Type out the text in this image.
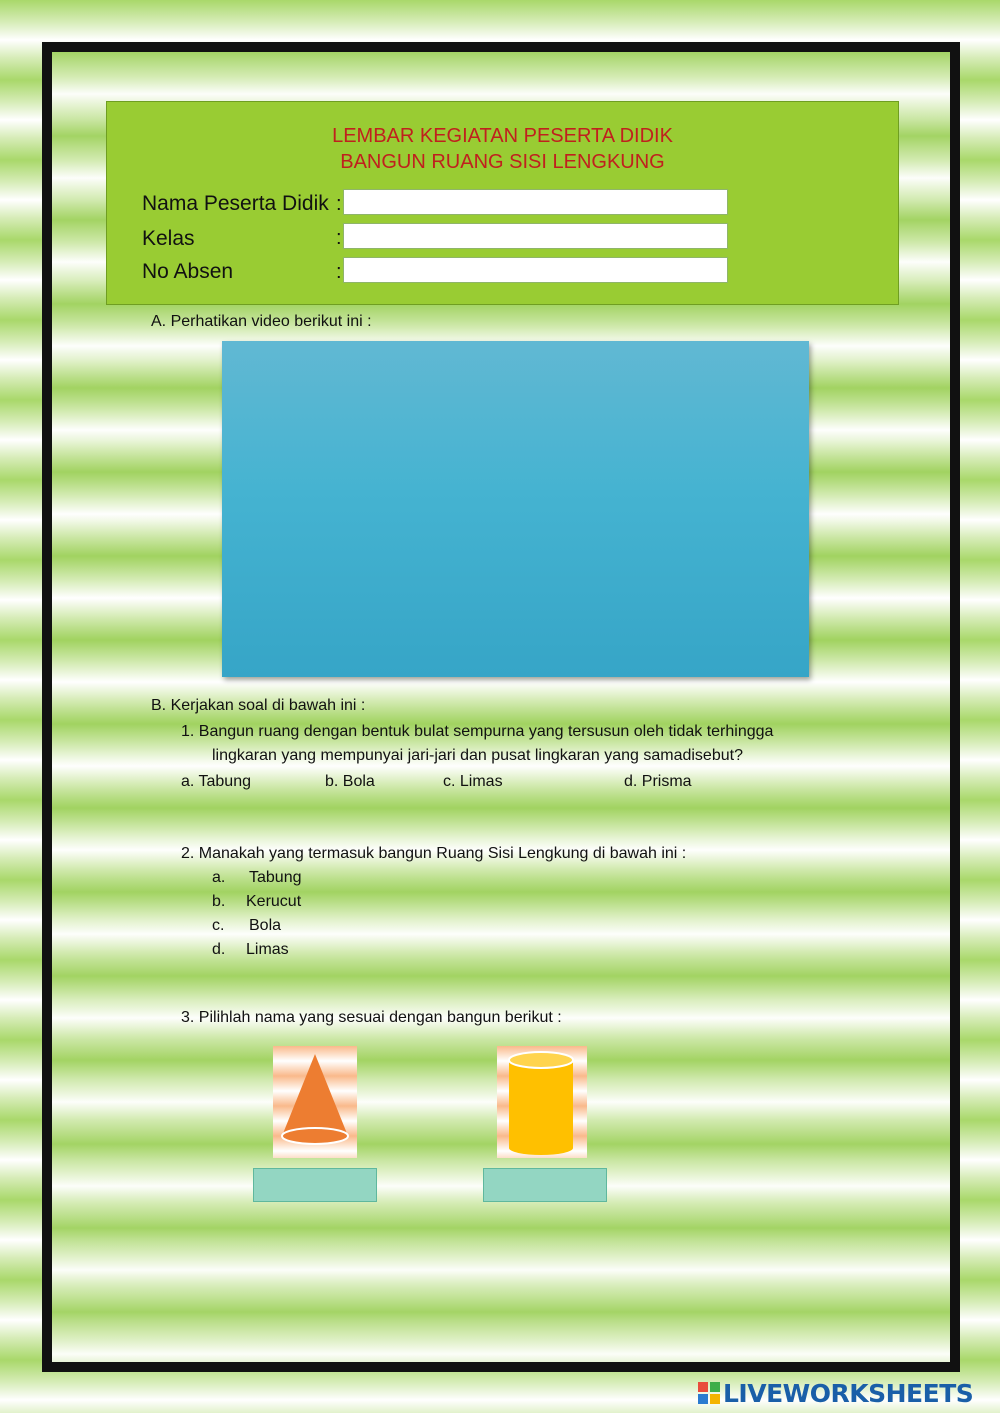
LEMBAR KEGIATAN PESERTA DIDIK
BANGUN RUANG SISI LENGKUNG
Nama Peserta Didik :
Kelas	:
No Absen	:
A. Perhatikan video berikut ini :
B. Kerjakan soal di bawah ini :
1. Bangun ruang dengan bentuk bulat sempurna yang tersusun oleh tidak terhingga
lingkaran yang mempunyai jari-jari dan pusat lingkaran yang samadisebut?
a. Tabung	b. Bola	c. Limas	d. Prisma
2. Manakah yang termasuk bangun Ruang Sisi Lengkung di bawah ini :
a. Tabung
b. Kerucut
c. Bola
d. Limas
3. Pilihlah nama yang sesuai dengan bangun berikut :
LIVEWORKSHEETS
